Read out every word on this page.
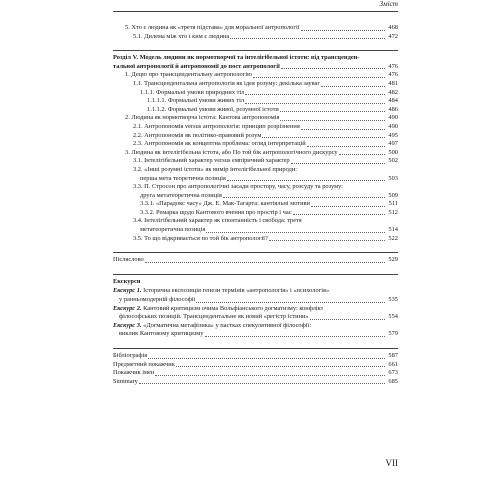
Зміст
5. Хто є людина як «третя підстава» для моральної антропології	468
5.1. Дилема між хто і ким є людина	472
Розділ V. Модель людини як нормотворчої та інтелігібельної істоти: від трансценден-
тальної антропології й антропономії до пост антропології	476
1. Децю про трансцендентальну антропологію	476
1.1. Трансцендентальна антропологія як ідея розуму: декілька зауваг	481
1.1.1. Формальні умови природних тіл	482
1.1.1.1. Формальні умови живих тіл	484
1.1.1.2. Формальні умови живої, розумної істоти	486
2. Людина як нормотворча істота: Кантова антропономія	490
2.1. Антропономія versus антропологія: принцип розрізнення	490
2.2. Антропономія як політико-правовий розум	495
2.3. Антропономія як концептна проблема: огляд інтерпретацій	497
3. Людина як інтелігібельна істота, або По той бік антропологічного дискурсу	500
3.1. Інтелігібельний характер versus емпіричний характер	502
3.2. «Інші розумні істоти» як вимір інтелігібельної природи:
перша мета теоретична позиція	503
3.3. П. Стросон про антропологічні засади простору, часу, розсуду та розуму:
друга метатеоретична позиція	509
3.3.1. «Парадокс часу» Дж. Е. Мак-Тагарта: кантіяльні мотиви	511
3.3.2. Ремарка щодо Кантового вчення про простір і час	512
3.4. Інтелігібельний характер як спонтанність і свобода: третя
метатеоретична позиція	514
3.5. То що відкривається по той бік антропології?	522
Післяслово	529
Екскурси
Екскурс 1.
Історична експозиція генези термінів «антропологія» і «психологія»
у ранньомодерній філософії	535
Екскурс 2.
Кантовий критицизм очима Вольфіанського догматизму: конфлікт
філософських позицій. Трансцендентальне як новий «регістр істини»	554
Екскурс 3.
«Догматична метафізика» у пастках спекулятивної філософії:
виклик Кантовому критицизму	579
Бібліографія	587
Предметний покажчик	661
Покажчик імен	673
Summary	685
VII
